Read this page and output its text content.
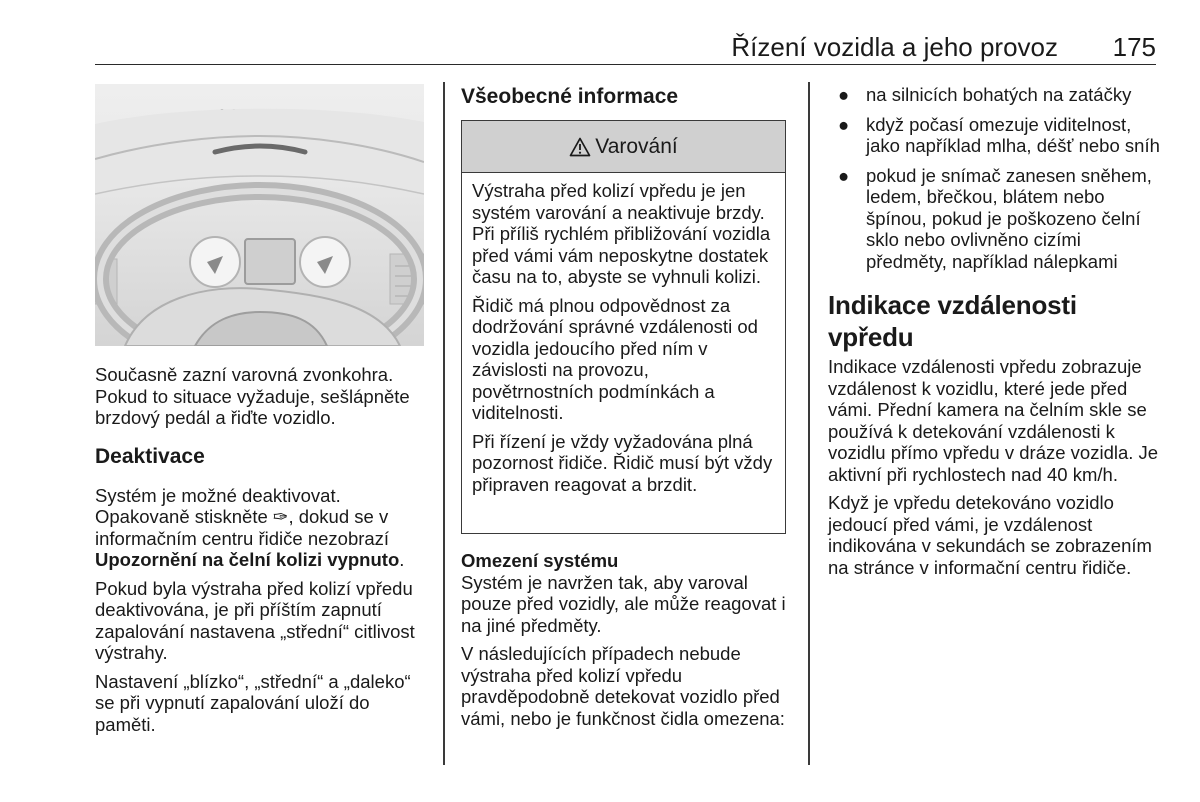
Řízení vozidla a jeho provoz 175

Současně zazní varovná zvonkohra. Pokud to situace vyžaduje, sešlápněte brzdový pedál a řiďte vozidlo.

Deaktivace

Systém je možné deaktivovat. Opakovaně stiskněte ✑, dokud se v informačním centru řidiče nezobrazí Upozornění na čelní kolizi vypnuto.

Pokud byla výstraha před kolizí vpředu deaktivována, je při příštím zapnutí zapalování nastavena „střední“ citlivost výstrahy.

Nastavení „blízko“, „střední“ a „daleko“ se při vypnutí zapalování uloží do paměti.

Všeobecné informace
Varování

Výstraha před kolizí vpředu je jen systém varování a neaktivuje brzdy. Při příliš rychlém přibližování vozidla před vámi vám neposkytne dostatek času na to, abyste se vyhnuli kolizi.

Řidič má plnou odpovědnost za dodržování správné vzdálenosti od vozidla jedoucího před ním v závislosti na provozu, povětrnostních podmínkách a viditelnosti.

Při řízení je vždy vyžadována plná pozornost řidiče. Řidič musí být vždy připraven reagovat a brzdit.

Omezení systému

Systém je navržen tak, aby varoval pouze před vozidly, ale může reagovat i na jiné předměty.

V následujících případech nebude výstraha před kolizí vpředu pravděpodobně detekovat vozidlo před vámi, nebo je funkčnost čidla omezena:

● na silnicích bohatých na zatáčky
● když počasí omezuje viditelnost, jako například mlha, déšť nebo sníh
● pokud je snímač zanesen sněhem, ledem, břečkou, blátem nebo špínou, pokud je poškozeno čelní sklo nebo ovlivněno cizími předměty, například nálepkami
Indikace vzdálenosti vpředu

Indikace vzdálenosti vpředu zobrazuje vzdálenost k vozidlu, které jede před vámi. Přední kamera na čelním skle se používá k detekování vzdálenosti k vozidlu přímo vpředu v dráze vozidla. Je aktivní při rychlostech nad 40 km/h.

Když je vpředu detekováno vozidlo jedoucí před vámi, je vzdálenost indikována v sekundách se zobrazením na stránce v informační centru řidiče.
